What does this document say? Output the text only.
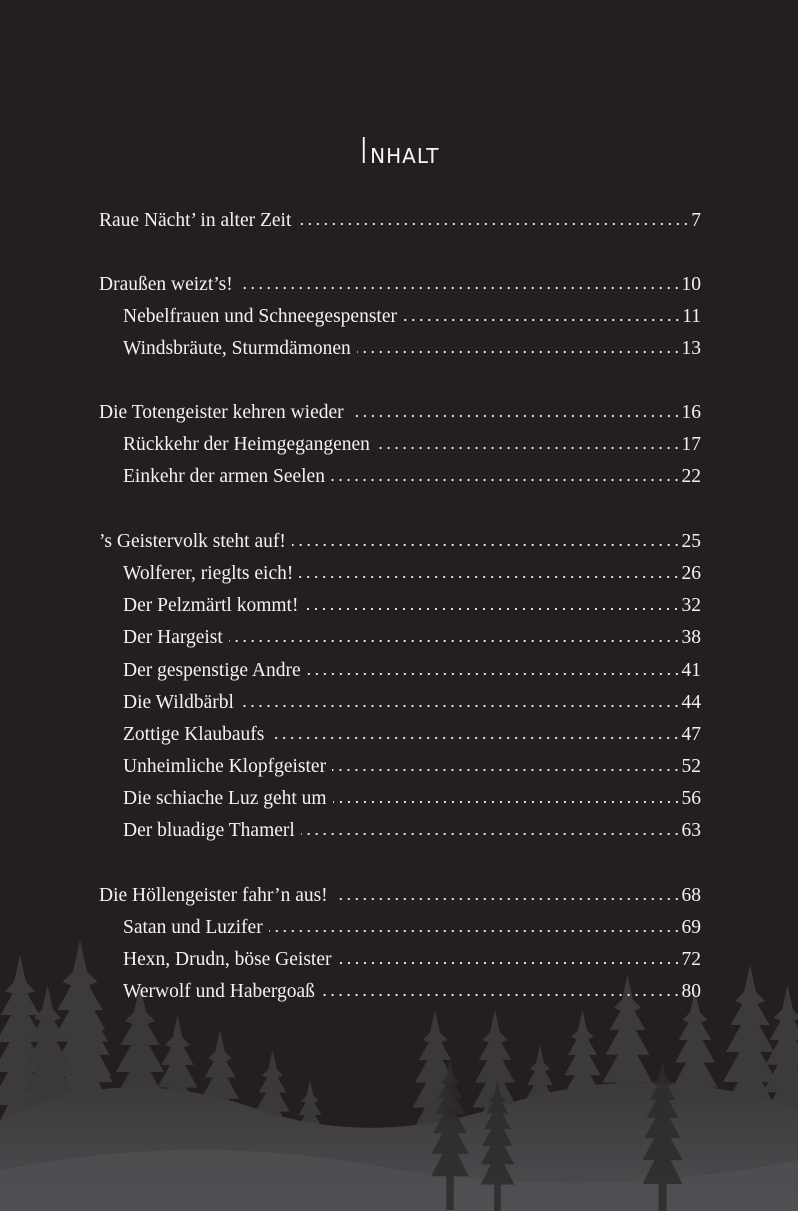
Inhalt
Raue Nächt’ in alter Zeit	7
Draußen weizt’s!	10
Nebelfrauen und Schneegespenster	11
Windsbräute, Sturmdämonen	13
Die Totengeister kehren wieder	16
Rückkehr der Heimgegangenen	17
Einkehr der armen Seelen	22
’s Geistervolk steht auf!	25
Wolferer, rieglts eich!	26
Der Pelzmärtl kommt!	32
Der Hargeist	38
Der gespenstige Andre	41
Die Wildbärbl	44
Zottige Klaubaufs	47
Unheimliche Klopfgeister	52
Die schiache Luz geht um	56
Der bluadige Thamerl	63
Die Höllengeister fahr’n aus!	68
Satan und Luzifer	69
Hexn, Drudn, böse Geister	72
Werwolf und Habergoaß	80
